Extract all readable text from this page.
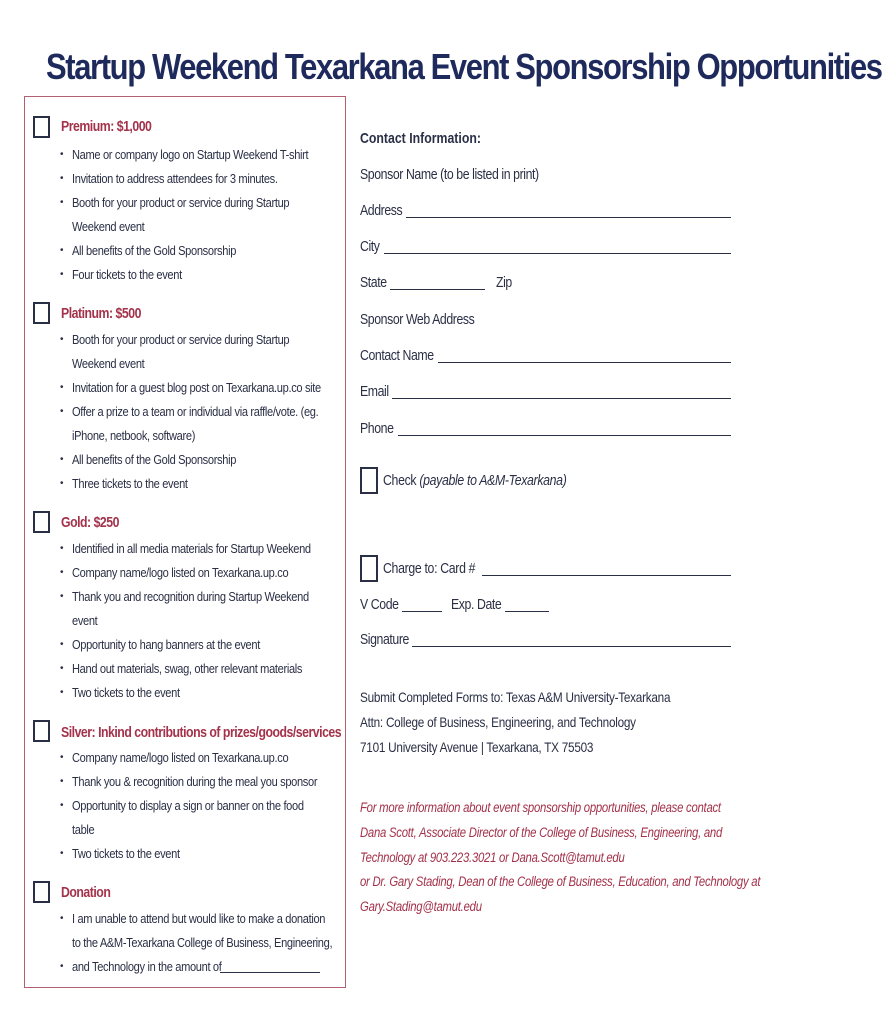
Startup Weekend Texarkana Event Sponsorship Opportunities
Premium: $1,000
• Name or company logo on Startup Weekend T-shirt
• Invitation to address attendees for 3 minutes.
• Booth for your product or service during Startup
Weekend event
• All benefits of the Gold Sponsorship
• Four tickets to the event
Platinum: $500
• Booth for your product or service during Startup
Weekend event
• Invitation for a guest blog post on Texarkana.up.co site
• Offer a prize to a team or individual via raffle/vote. (eg.
iPhone, netbook, software)
• All benefits of the Gold Sponsorship
• Three tickets to the event
Gold: $250
• Identified in all media materials for Startup Weekend
• Company name/logo listed on Texarkana.up.co
• Thank you and recognition during Startup Weekend
event
• Opportunity to hang banners at the event
• Hand out materials, swag, other relevant materials
• Two tickets to the event
Silver: Inkind contributions of prizes/goods/services
• Company name/logo listed on Texarkana.up.co
• Thank you & recognition during the meal you sponsor
• Opportunity to display a sign or banner on the food
table
• Two tickets to the event
Donation
• I am unable to attend but would like to make a donation
to the A&M-Texarkana College of Business, Engineering,
• and Technology in the amount of
Contact Information:
Sponsor Name (to be listed in print)
Address
City
State	Zip
Sponsor Web Address
Contact Name
Email
Phone
Check (payable to A&M-Texarkana)
Charge to: Card #
V Code	Exp. Date
Signature
Submit Completed Forms to: Texas A&M University-Texarkana
Attn: College of Business, Engineering, and Technology
7101 University Avenue | Texarkana, TX 75503
For more information about event sponsorship opportunities, please contact
Dana Scott, Associate Director of the College of Business, Engineering, and
Technology at 903.223.3021 or Dana.Scott@tamut.edu
or Dr. Gary Stading, Dean of the College of Business, Education, and Technology at
Gary.Stading@tamut.edu
